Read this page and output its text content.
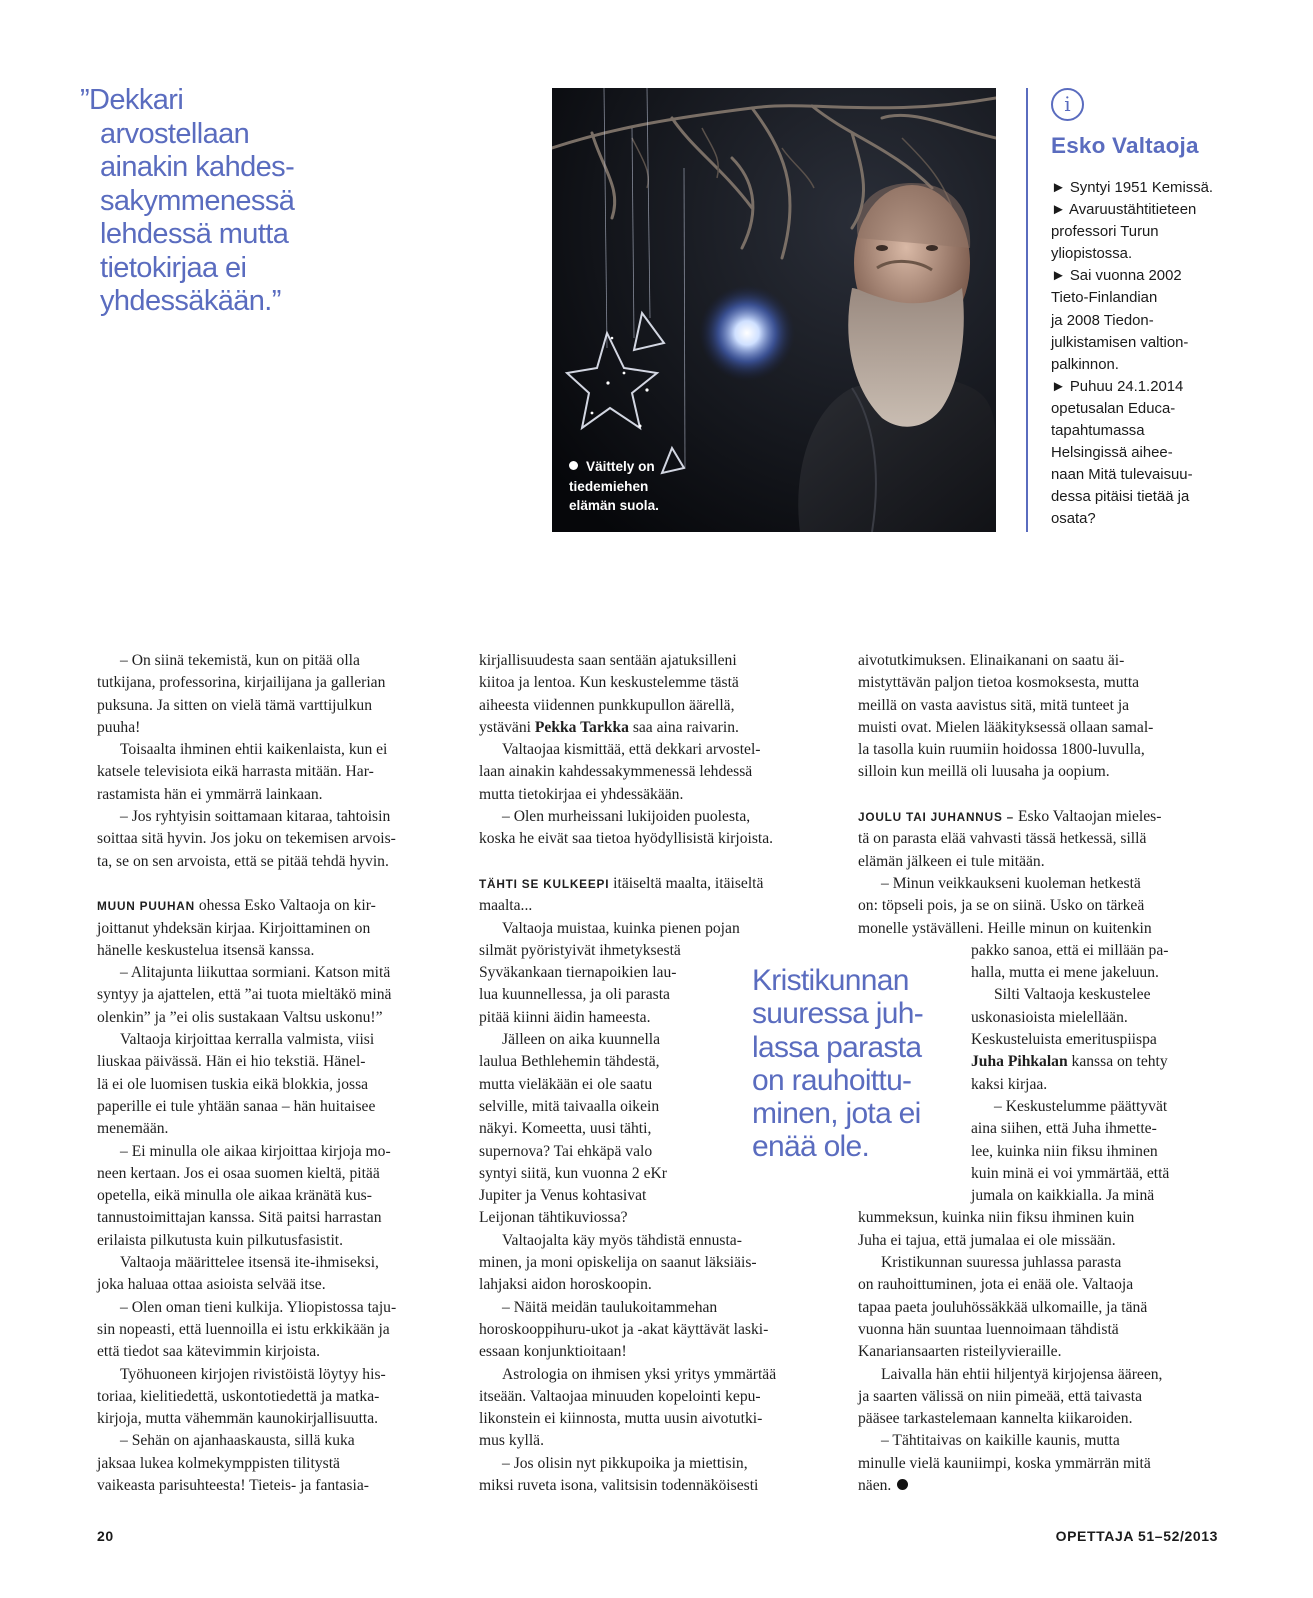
”Dekkari
arvostellaan
ainakin kahdes-
sakymmenessä
lehdessä mutta
tietokirjaa ei
yhdessäkään.”
Väittely on
tiedemiehen
elämän suola.
i
Esko Valtaoja
► Syntyi 1951 Kemissä.
► Avaruustähtitieteen
professori Turun
yliopistossa.
► Sai vuonna 2002
Tieto-Finlandian
ja 2008 Tiedon-
julkistamisen valtion-
palkinnon.
► Puhuu 24.1.2014
opetusalan Educa-
tapahtumassa
Helsingissä aihee-
naan Mitä tulevaisuu-
dessa pitäisi tietää ja
osata?
– On siinä tekemistä, kun on pitää olla
tutkijana, professorina, kirjailijana ja gallerian
puksuna. Ja sitten on vielä tämä varttijulkun
puuha!
Toisaalta ihminen ehtii kaikenlaista, kun ei
katsele televisiota eikä harrasta mitään. Har-
rastamista hän ei ymmärrä lainkaan.
– Jos ryhtyisin soittamaan kitaraa, tahtoisin
soittaa sitä hyvin. Jos joku on tekemisen arvois-
ta, se on sen arvoista, että se pitää tehdä hyvin.
MUUN PUUHAN ohessa Esko Valtaoja on kir-
joittanut yhdeksän kirjaa. Kirjoittaminen on
hänelle keskustelua itsensä kanssa.
– Alitajunta liikuttaa sormiani. Katson mitä
syntyy ja ajattelen, että ”ai tuota mieltäkö minä
olenkin” ja ”ei olis sustakaan Valtsu uskonu!”
Valtaoja kirjoittaa kerralla valmista, viisi
liuskaa päivässä. Hän ei hio tekstiä. Hänel-
lä ei ole luomisen tuskia eikä blokkia, jossa
paperille ei tule yhtään sanaa – hän huitaisee
menemään.
– Ei minulla ole aikaa kirjoittaa kirjoja mo-
neen kertaan. Jos ei osaa suomen kieltä, pitää
opetella, eikä minulla ole aikaa kränätä kus-
tannustoimittajan kanssa. Sitä paitsi harrastan
erilaista pilkutusta kuin pilkutusfasistit.
Valtaoja määrittelee itsensä ite-ihmiseksi,
joka haluaa ottaa asioista selvää itse.
– Olen oman tieni kulkija. Yliopistossa taju-
sin nopeasti, että luennoilla ei istu erkkikään ja
että tiedot saa kätevimmin kirjoista.
Työhuoneen kirjojen rivistöistä löytyy his-
toriaa, kielitiedettä, uskontotiedettä ja matka-
kirjoja, mutta vähemmän kaunokirjallisuutta.
– Sehän on ajanhaaskausta, sillä kuka
jaksaa lukea kolmekymppisten tilitystä
vaikeasta parisuhteesta! Tieteis- ja fantasia-
kirjallisuudesta saan sentään ajatuksilleni
kiitoa ja lentoa. Kun keskustelemme tästä
aiheesta viidennen punkkupullon äärellä,
ystäväni Pekka Tarkka saa aina raivarin.
Valtaojaa kismittää, että dekkari arvostel-
laan ainakin kahdessakymmenessä lehdessä
mutta tietokirjaa ei yhdessäkään.
– Olen murheissani lukijoiden puolesta,
koska he eivät saa tietoa hyödyllisistä kirjoista.
TÄHTI SE KULKEEPI itäiseltä maalta, itäiseltä
maalta...
Valtaoja muistaa, kuinka pienen pojan
silmät pyöristyivät ihmetyksestä
Syväkankaan tiernapoikien lau-
lua kuunnellessa, ja oli parasta
pitää kiinni äidin hameesta.
Jälleen on aika kuunnella
laulua Bethlehemin tähdestä,
mutta vieläkään ei ole saatu
selville, mitä taivaalla oikein
näkyi. Komeetta, uusi tähti,
supernova? Tai ehkäpä valo
syntyi siitä, kun vuonna 2 eKr
Jupiter ja Venus kohtasivat
Leijonan tähtikuviossa?
Valtaojalta käy myös tähdistä ennusta-
minen, ja moni opiskelija on saanut läksiäis-
lahjaksi aidon horoskoopin.
– Näitä meidän taulukoitammehan
horoskooppihuru-ukot ja -akat käyttävät laski-
essaan konjunktioitaan!
Astrologia on ihmisen yksi yritys ymmärtää
itseään. Valtaojaa minuuden kopelointi kepu-
likonstein ei kiinnosta, mutta uusin aivotutki-
mus kyllä.
– Jos olisin nyt pikkupoika ja miettisin,
miksi ruveta isona, valitsisin todennäköisesti
Kristikunnan
suuressa juh-
lassa parasta
on rauhoittu-
minen, jota ei
enää ole.
aivotutkimuksen. Elinaikanani on saatu äi-
mistyttävän paljon tietoa kosmoksesta, mutta
meillä on vasta aavistus sitä, mitä tunteet ja
muisti ovat. Mielen lääkityksessä ollaan samal-
la tasolla kuin ruumiin hoidossa 1800-luvulla,
silloin kun meillä oli luusaha ja oopium.
JOULU TAI JUHANNUS – Esko Valtaojan mieles-
tä on parasta elää vahvasti tässä hetkessä, sillä
elämän jälkeen ei tule mitään.
– Minun veikkaukseni kuoleman hetkestä
on: töpseli pois, ja se on siinä. Usko on tärkeä
monelle ystävälleni. Heille minun on kuitenkin
pakko sanoa, että ei millään pa-
halla, mutta ei mene jakeluun.
Silti Valtaoja keskustelee
uskonasioista mielellään.
Keskusteluista emerituspiispa
Juha Pihkalan kanssa on tehty
kaksi kirjaa.
– Keskustelumme päättyvät
aina siihen, että Juha ihmette-
lee, kuinka niin fiksu ihminen
kuin minä ei voi ymmärtää, että
jumala on kaikkialla. Ja minä
kummeksun, kuinka niin fiksu ihminen kuin
Juha ei tajua, että jumalaa ei ole missään.
Kristikunnan suuressa juhlassa parasta
on rauhoittuminen, jota ei enää ole. Valtaoja
tapaa paeta jouluhössäkkää ulkomaille, ja tänä
vuonna hän suuntaa luennoimaan tähdistä
Kanariansaarten risteilyvieraille.
Laivalla hän ehtii hiljentyä kirjojensa ääreen,
ja saarten välissä on niin pimeää, että taivasta
pääsee tarkastelemaan kannelta kiikaroiden.
– Tähtitaivas on kaikille kaunis, mutta
minulle vielä kauniimpi, koska ymmärrän mitä
näen.
20	OPETTAJA 51–52/2013
